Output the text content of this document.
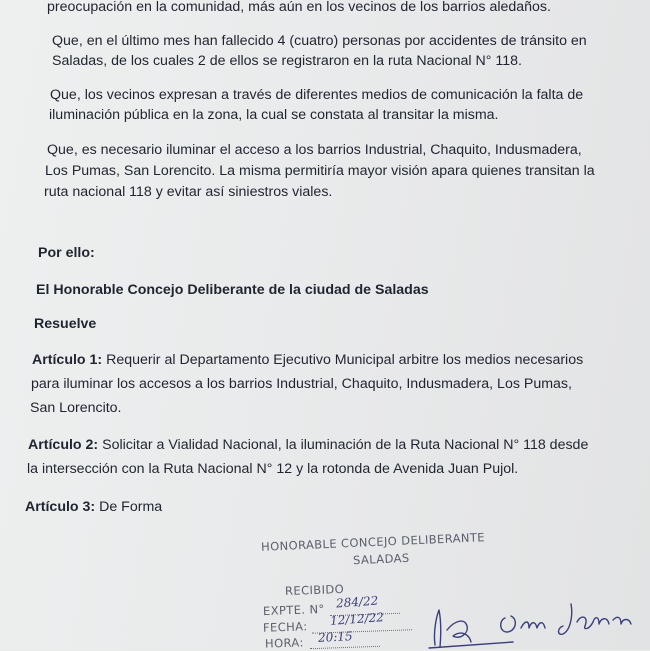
preocupación en la comunidad, más aún en los vecinos de los barrios aledaños.
Que, en el último mes han fallecido 4 (cuatro) personas por accidentes de tránsito en
Saladas, de los cuales 2 de ellos se registraron en la ruta Nacional N° 118.
Que, los vecinos expresan a través de diferentes medios de comunicación la falta de
iluminación pública en la zona, la cual se constata al transitar la misma.
Que, es necesario iluminar el acceso a los barrios Industrial, Chaquito, Indusmadera,
Los Pumas, San Lorencito. La misma permitiría mayor visión apara quienes transitan la
ruta nacional 118 y evitar así siniestros viales.
Por ello:
El Honorable Concejo Deliberante de la ciudad de Saladas
Resuelve
Artículo 1: Requerir al Departamento Ejecutivo Municipal arbitre los medios necesarios
para iluminar los accesos a los barrios Industrial, Chaquito, Indusmadera, Los Pumas,
San Lorencito.
Artículo 2: Solicitar a Vialidad Nacional, la iluminación de la Ruta Nacional N° 118 desde
la intersección con la Ruta Nacional N° 12 y la rotonda de Avenida Juan Pujol.
Artículo 3: De Forma
HONORABLE CONCEJO DELIBERANTE
SALADAS
RECIBIDO
EXPTE. N° 284/22
FECHA: 12/12/22
HORA: 20:15
